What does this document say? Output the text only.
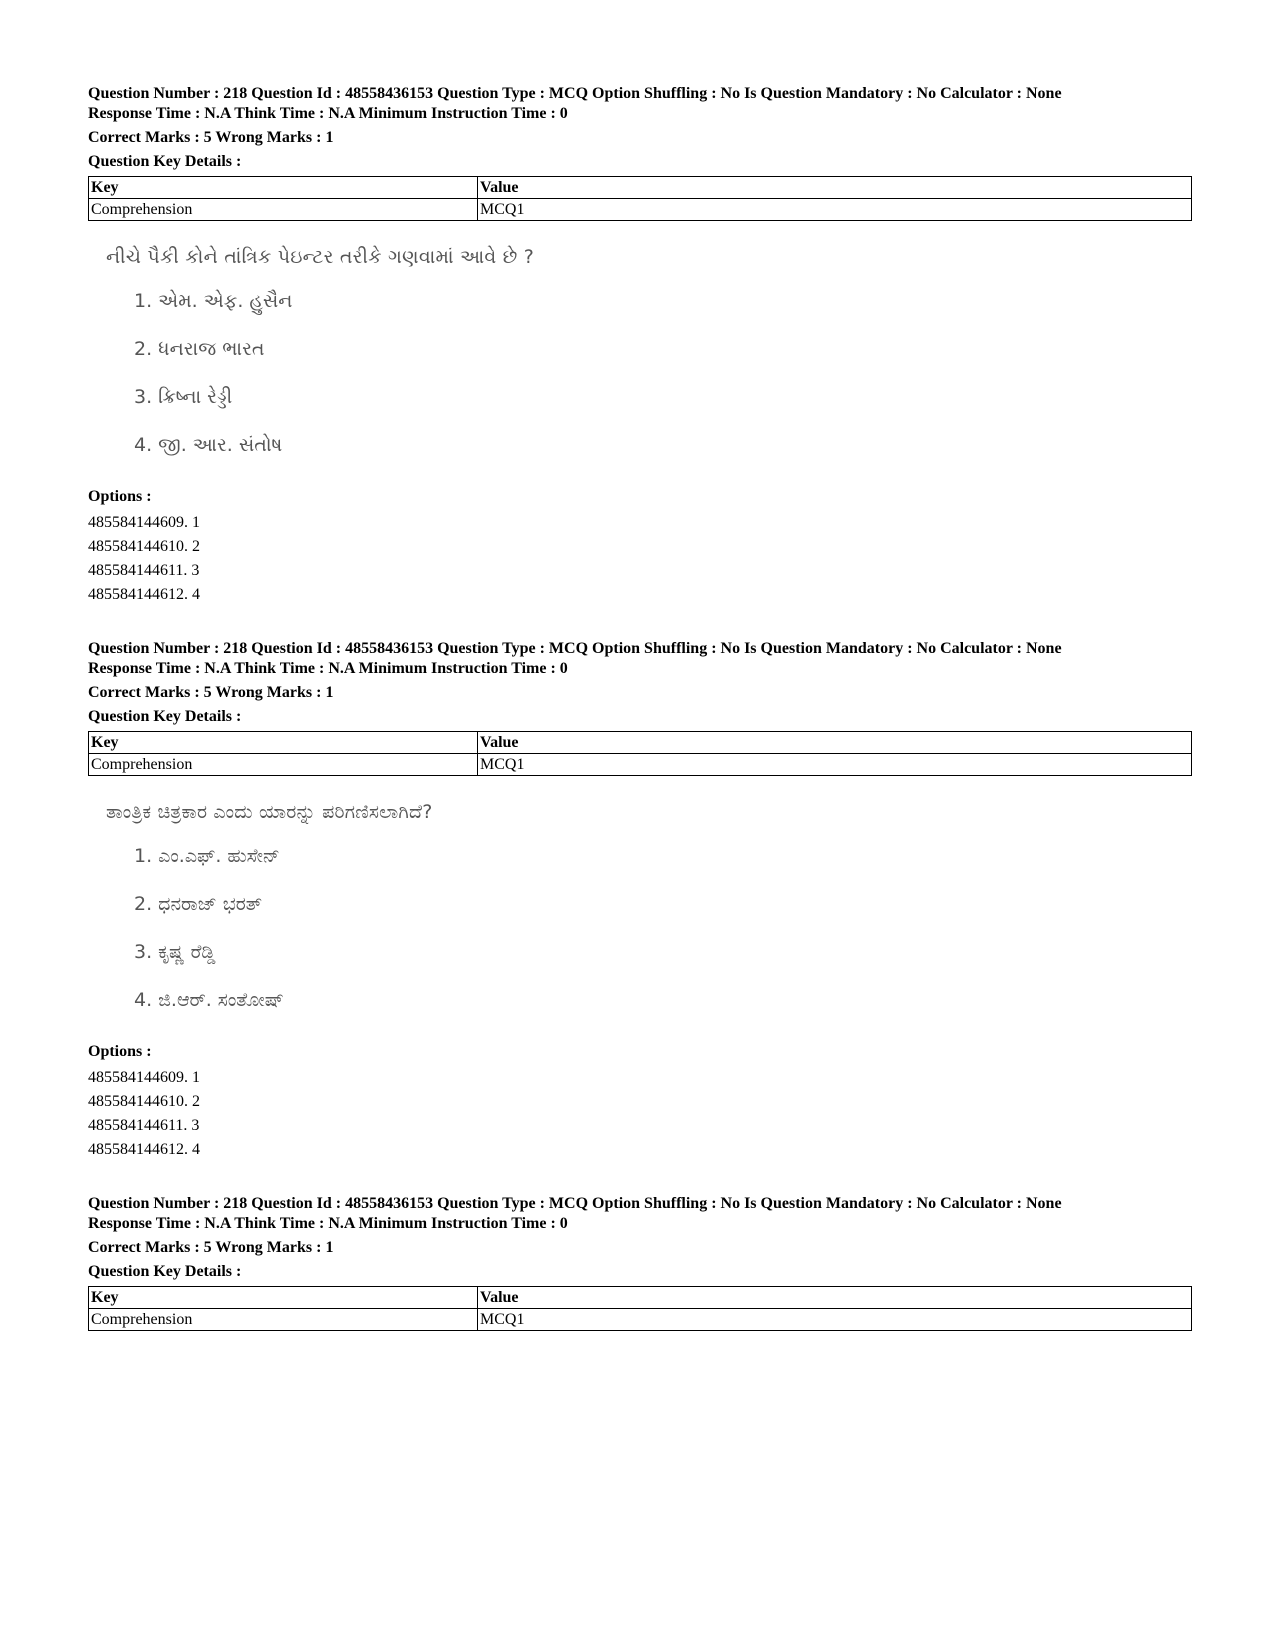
Question Number : 218 Question Id : 48558436153 Question Type : MCQ Option Shuffling : No Is Question Mandatory : No Calculator : None
Response Time : N.A Think Time : N.A Minimum Instruction Time : 0
Correct Marks : 5 Wrong Marks : 1
Question Key Details :
Key	Value
Comprehension	MCQ1
નીચે પૈકી કોને તાંત્રિક પેઇન્ટર તરીકે ગણવામાં આવે છે ?
1. એમ. એફ. હુસૈન
2. ધનરાજ ભારત
3. ક્રિષ્ના રેડ્ડી
4. જી. આર. સંતોષ
Options :
485584144609. 1
485584144610. 2
485584144611. 3
485584144612. 4
Question Number : 218 Question Id : 48558436153 Question Type : MCQ Option Shuffling : No Is Question Mandatory : No Calculator : None
Response Time : N.A Think Time : N.A Minimum Instruction Time : 0
Correct Marks : 5 Wrong Marks : 1
Question Key Details :
Key	Value
Comprehension	MCQ1
ತಾಂತ್ರಿಕ ಚಿತ್ರಕಾರ ಎಂದು ಯಾರನ್ನು ಪರಿಗಣಿಸಲಾಗಿದೆ?
1. ಎಂ.ಎಫ್. ಹುಸೇನ್
2. ಧನರಾಜ್ ಭರತ್
3. ಕೃಷ್ಣ ರೆಡ್ಡಿ
4. ಜಿ.ಆರ್. ಸಂತೋಷ್
Options :
485584144609. 1
485584144610. 2
485584144611. 3
485584144612. 4
Question Number : 218 Question Id : 48558436153 Question Type : MCQ Option Shuffling : No Is Question Mandatory : No Calculator : None
Response Time : N.A Think Time : N.A Minimum Instruction Time : 0
Correct Marks : 5 Wrong Marks : 1
Question Key Details :
Key	Value
Comprehension	MCQ1
